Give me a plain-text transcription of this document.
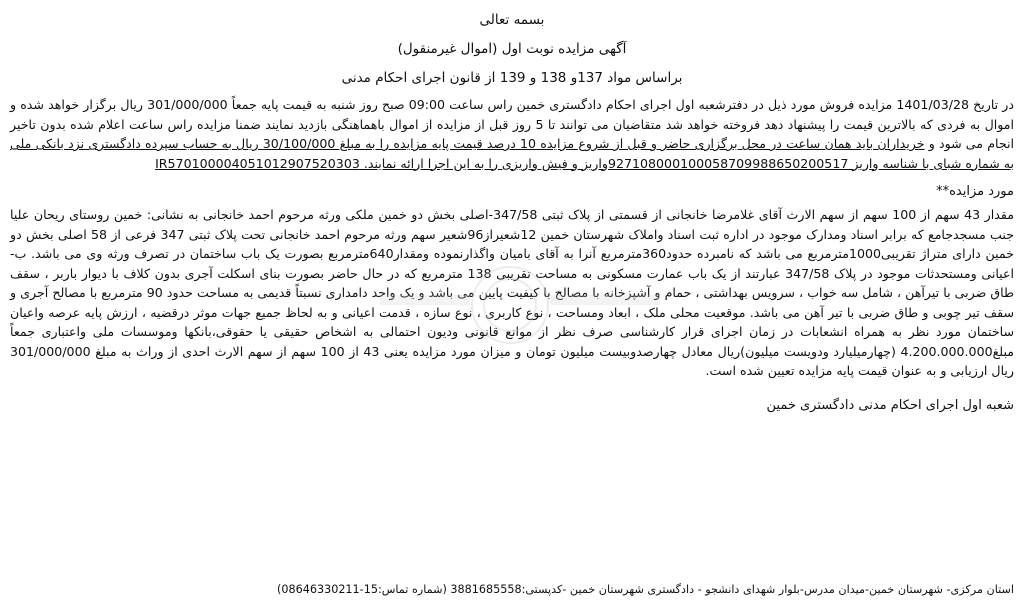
بسمه تعالی
آگهی مزایده نوبت اول (اموال غیرمنقول)
براساس مواد 137و 138 و 139 از قانون اجرای احکام مدنی

در تاریخ 1401/03/28 مزایده فروش مورد ذیل در دفترشعبه اول اجرای احکام دادگستری خمین راس ساعت 09:00 صبح روز شنبه به قیمت پایه جمعاً 301/000/000 ریال برگزار خواهد شده و اموال به فردی که بالاترین قیمت را پیشنهاد دهد فروخته خواهد شد متقاضیان می توانند تا 5 روز قبل از مزایده از اموال باهماهنگی بازدید نمایند ضمنا مزایده راس ساعت اعلام شده بدون تاخیر انجام می شود و خریداران باید همان ساعت در محل برگزاری حاضر و قبل از شروع مزایده 10 درصد قیمت پایه مزایده را به مبلغ 30/100/000 ریال به حساب سپرده دادگستری نزد بانکی ملی به شماره شبای با شناسه واریز 927108000100058709988650200517واریز و فیش واریزی را به این اجرا ارائه نمایند. IR570100004051012907520303

مورد مزایده**

مقدار 43 سهم از 100 سهم از سهم الارث آقای غلامرضا خانجانی از قسمتی از پلاک ثبتی 347/58-اصلی بخش دو خمین ملکی ورثه مرحوم احمد خانجانی به نشانی: خمین روستای ریحان علیا جنب مسجدجامع که برابر اسناد ومدارک موجود در اداره ثبت اسناد واملاک شهرستان خمین 12شعیراز96شعیر سهم ورثه مرحوم احمد خانجانی تحت پلاک ثبتی 347 فرعی از 58 اصلی بخش دو خمین دارای متراژ تقریبی1000مترمربع می باشد که نامبرده حدود360مترمربع آنرا به آقای بامیان واگذارنموده ومقدار640مترمربع بصورت یک باب ساختمان در تصرف ورثه وی می باشد. ب-اعیانی ومستحدثات موجود در پلاک 347/58 عبارتند از یک باب عمارت مسکونی به مساحت تقریبی 138 مترمربع که در حال حاضر بصورت بنای اسکلت آجری بدون کلاف با دیوار باربر ، سقف طاق ضربی با تیرآهن ، شامل سه خواب ، سرویس بهداشتی ، حمام و آشپزخانه با مصالح با کیفیت پایین می باشد و یک واحد دامداری نسبتاً قدیمی به مساحت حدود 90 مترمربع با مصالح آجری و سقف تیر چوبی و طاق ضربی با تیر آهن می باشد. موقعیت محلی ملک ، ابعاد ومساحت ، نوع کاربری ، نوع سازه ، قدمت اعیانی و به لحاظ جمیع جهات موثر درقضیه ، ارزش پایه عرصه واعیان ساختمان مورد نظر به همراه انشعابات در زمان اجرای قرار کارشناسی صرف نظر از موانع قانونی ودیون احتمالی به اشخاص حقیقی یا حقوقی،بانکها وموسسات ملی واعتباری جمعاً مبلغ4.200.000.000 (چهارمیلیارد ودویست میلیون)ریال معادل چهارصدوبیست میلیون تومان و میزان مورد مزایده یعنی 43 از 100 سهم از سهم الارث احدی از وراث به مبلغ 301/000/000 ریال ارزیابی و به عنوان قیمت پایه مزایده تعیین شده است.

شعبه اول اجرای احکام مدنی دادگستری خمین
استان مرکزی- شهرستان خمین-میدان مدرس-بلوار شهدای دانشجو - دادگستری شهرستان خمین -کدپستی:3881685558 (شماره تماس:15-08646330211)
